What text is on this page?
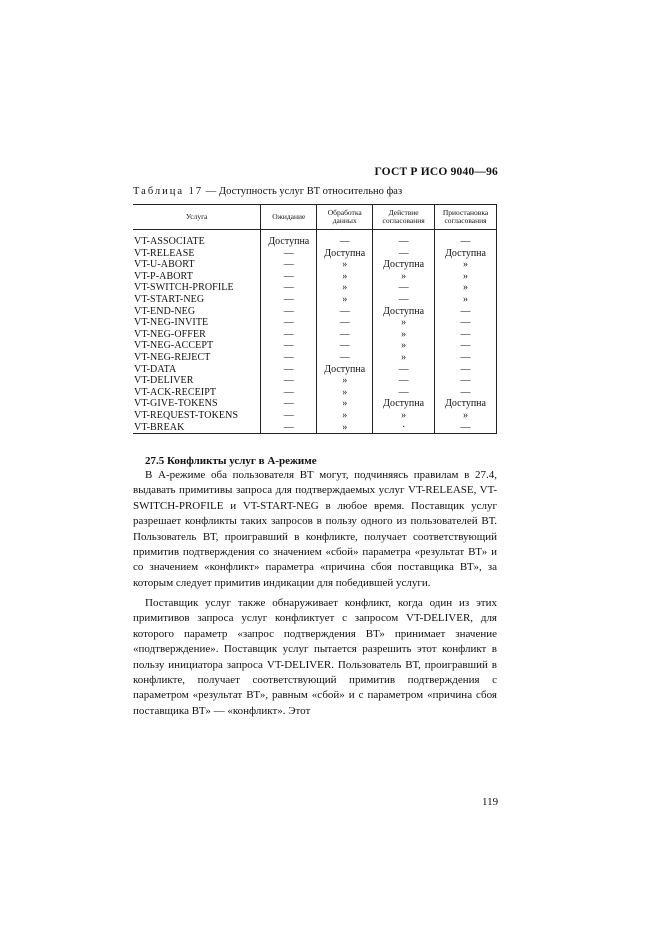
ГОСТ Р ИСО 9040—96
Таблица 17 — Доступность услуг ВТ относительно фаз
Услуга	Ожидание	Обработка данных	Действие согласования	Приостановка согласования
VT-ASSOCIATE	Доступна	—	—	—
VT-RELEASE	—	Доступна	—	Доступна
VT-U-ABORT	—	»	Доступна	»
VT-P-ABORT	—	»	»	»
VT-SWITCH-PROFILE	—	»	—	»
VT-START-NEG	—	»	—	»
VT-END-NEG	—	—	Доступна	—
VT-NEG-INVITE	—	—	»	—
VT-NEG-OFFER	—	—	»	—
VT-NEG-ACCEPT	—	—	»	—
VT-NEG-REJECT	—	—	»	—
VT-DATA	—	Доступна	—	—
VT-DELIVER	—	»	—	—
VT-ACK-RECEIPT	—	»	—	—
VT-GIVE-TOKENS	—	»	Доступна	Доступна
VT-REQUEST-TOKENS	—	»	»	»
VT-BREAK	—	»	·	—
27.5 Конфликты услуг в А-режиме

В А-режиме оба пользователя ВТ могут, подчиняясь правилам в 27.4, выдавать примитивы запроса для подтверждаемых услуг VT-RELEASE, VT-SWITCH-PROFILE и VT-START-NEG в любое время. Поставщик услуг разрешает конфликты таких запросов в пользу одного из пользователей ВТ. Пользователь ВТ, проигравший в конфликте, получает соответствующий примитив подтверждения со значением «сбой» параметра «результат ВТ» и со значением «конфликт» параметра «причина сбоя поставщика ВТ», за которым следует примитив индикации для победившей услуги.

Поставщик услуг также обнаруживает конфликт, когда один из этих примитивов запроса услуг конфликтует с запросом VT-DELIVER, для которого параметр «запрос подтверждения ВТ» принимает значение «подтверждение». Поставщик услуг пытается разрешить этот конфликт в пользу инициатора запроса VT-DELIVER. Пользователь ВТ, проигравший в конфликте, получает соответствующий примитив подтверждения с параметром «результат ВТ», равным «сбой» и с параметром «причина сбоя поставщика ВТ» — «конфликт». Этот

119
